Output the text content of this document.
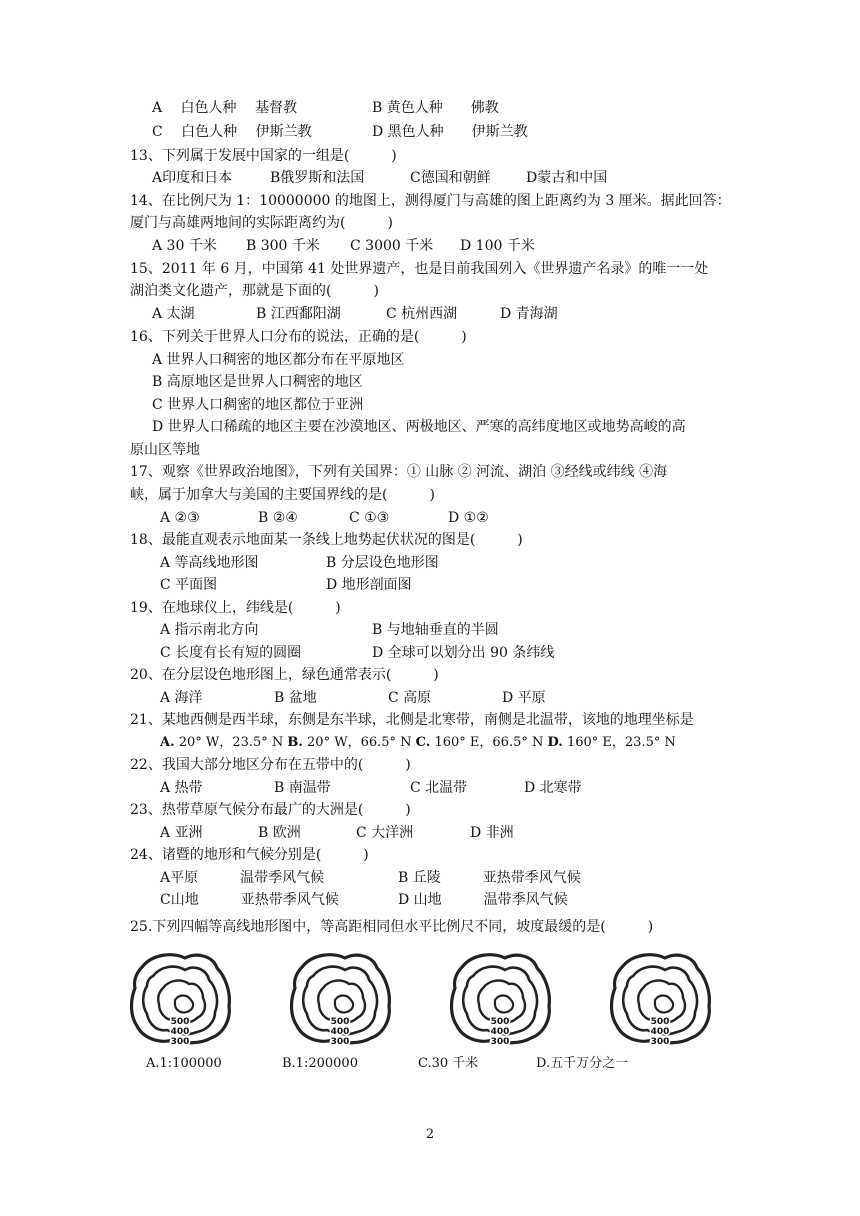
A　 白色人种　 基督教	B 黄色人种　　佛教
C　 白色人种　 伊斯兰教	D 黑色人种　　伊斯兰教
13、下列属于发展中国家的一组是(　　　)
A印度和日本	B俄罗斯和法国	C德国和朝鲜	D蒙古和中国
14、在比例尺为 1：10000000 的地图上，测得厦门与高雄的图上距离约为 3 厘米。据此回答：
厦门与高雄两地间的实际距离约为(　　　)
A 30 千米 B 300 千米 C 3000 千米 D 100 千米
15、2011 年 6 月，中国第 41 处世界遗产，也是目前我国列入《世界遗产名录》的唯一一处
湖泊类文化遗产，那就是下面的(　　　)
A 太湖	B 江西鄱阳湖	C 杭州西湖	D 青海湖
16、下列关于世界人口分布的说法，正确的是(　　　)
A 世界人口稠密的地区都分布在平原地区
B 高原地区是世界人口稠密的地区
C 世界人口稠密的地区都位于亚洲
D 世界人口稀疏的地区主要在沙漠地区、两极地区、严寒的高纬度地区或地势高峻的高
原山区等地
17、观察《世界政治地图》，下列有关国界：① 山脉 ② 河流、湖泊 ③经线或纬线 ④海
峡，属于加拿大与美国的主要国界线的是(　　　)
A ②③	B ②④	C ①③	D ①②
18、最能直观表示地面某一条线上地势起伏状况的图是(　　　)
A 等高线地形图	B 分层设色地形图
C 平面图	D 地形剖面图
19、在地球仪上，纬线是(　　　)
A 指示南北方向	B 与地轴垂直的半圆
C 长度有长有短的圆圈	D 全球可以划分出 90 条纬线
20、在分层设色地形图上，绿色通常表示(　　　)
A 海洋	B 盆地	C 高原	D 平原
21、某地西侧是西半球，东侧是东半球，北侧是北寒带，南侧是北温带，该地的地理坐标是
A. 20° W，23.5° N B. 20° W，66.5° N C. 160° E，66.5° N D. 160° E，23.5° N
22、我国大部分地区分布在五带中的(　　　)
A 热带	B 南温带	C 北温带	D 北寒带
23、热带草原气候分布最广的大洲是(　　　)
A 亚洲	B 欧洲	C 大洋洲	D 非洲
24、诸暨的地形和气候分别是(　　　)
A平原　　　温带季风气候	B 丘陵　　　亚热带季风气候
C山地　　　亚热带季风气候	D 山地　　　温带季风气候
25.下列四幅等高线地形图中，等高距相同但水平比例尺不同，坡度最缓的是(　　　)
500
400
300
500
400
300
500
400
300
500
400
300
A.1:100000	B.1:200000	C.30 千米	D.五千万分之一
2
